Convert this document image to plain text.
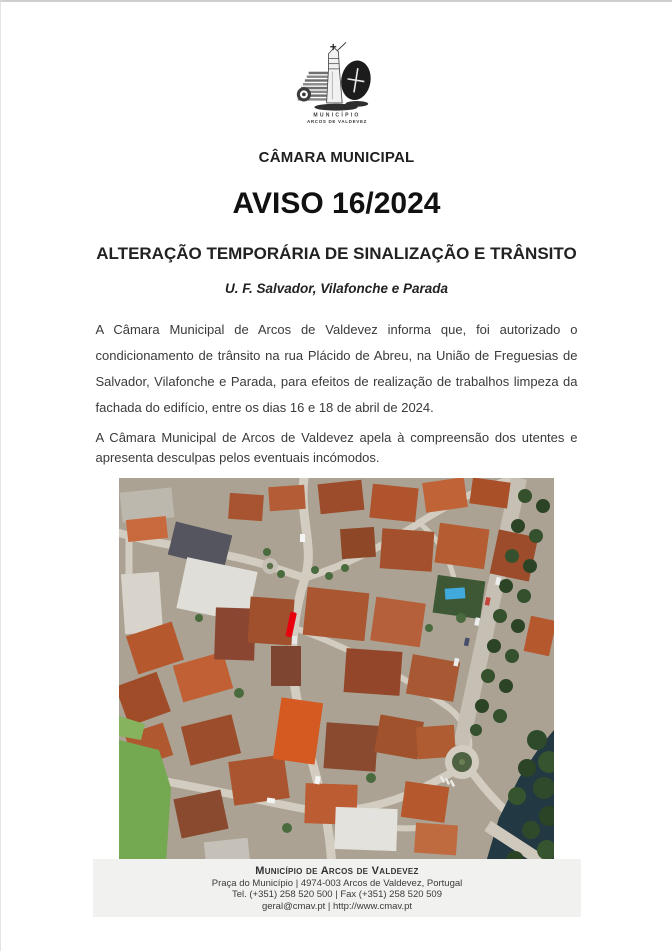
MUNICÍPIO
ARCOS DE VALDEVEZ
CÂMARA MUNICIPAL
AVISO 16/2024
ALTERAÇÃO TEMPORÁRIA DE SINALIZAÇÃO E TRÂNSITO
U. F. Salvador, Vilafonche e Parada

A Câmara Municipal de Arcos de Valdevez informa que, foi autorizado o condicionamento de trânsito na rua Plácido de Abreu, na União de Freguesias de Salvador, Vilafonche e Parada, para efeitos de realização de trabalhos limpeza da fachada do edifício, entre os dias 16 e 18 de abril de 2024.

A Câmara Municipal de Arcos de Valdevez apela à compreensão dos utentes e apresenta desculpas pelos eventuais incómodos.

Município de Arcos de Valdevez
Praça do Município | 4974-003 Arcos de Valdevez, Portugal
Tel. (+351) 258 520 500 | Fax (+351) 258 520 509
geral@cmav.pt | http://www.cmav.pt
